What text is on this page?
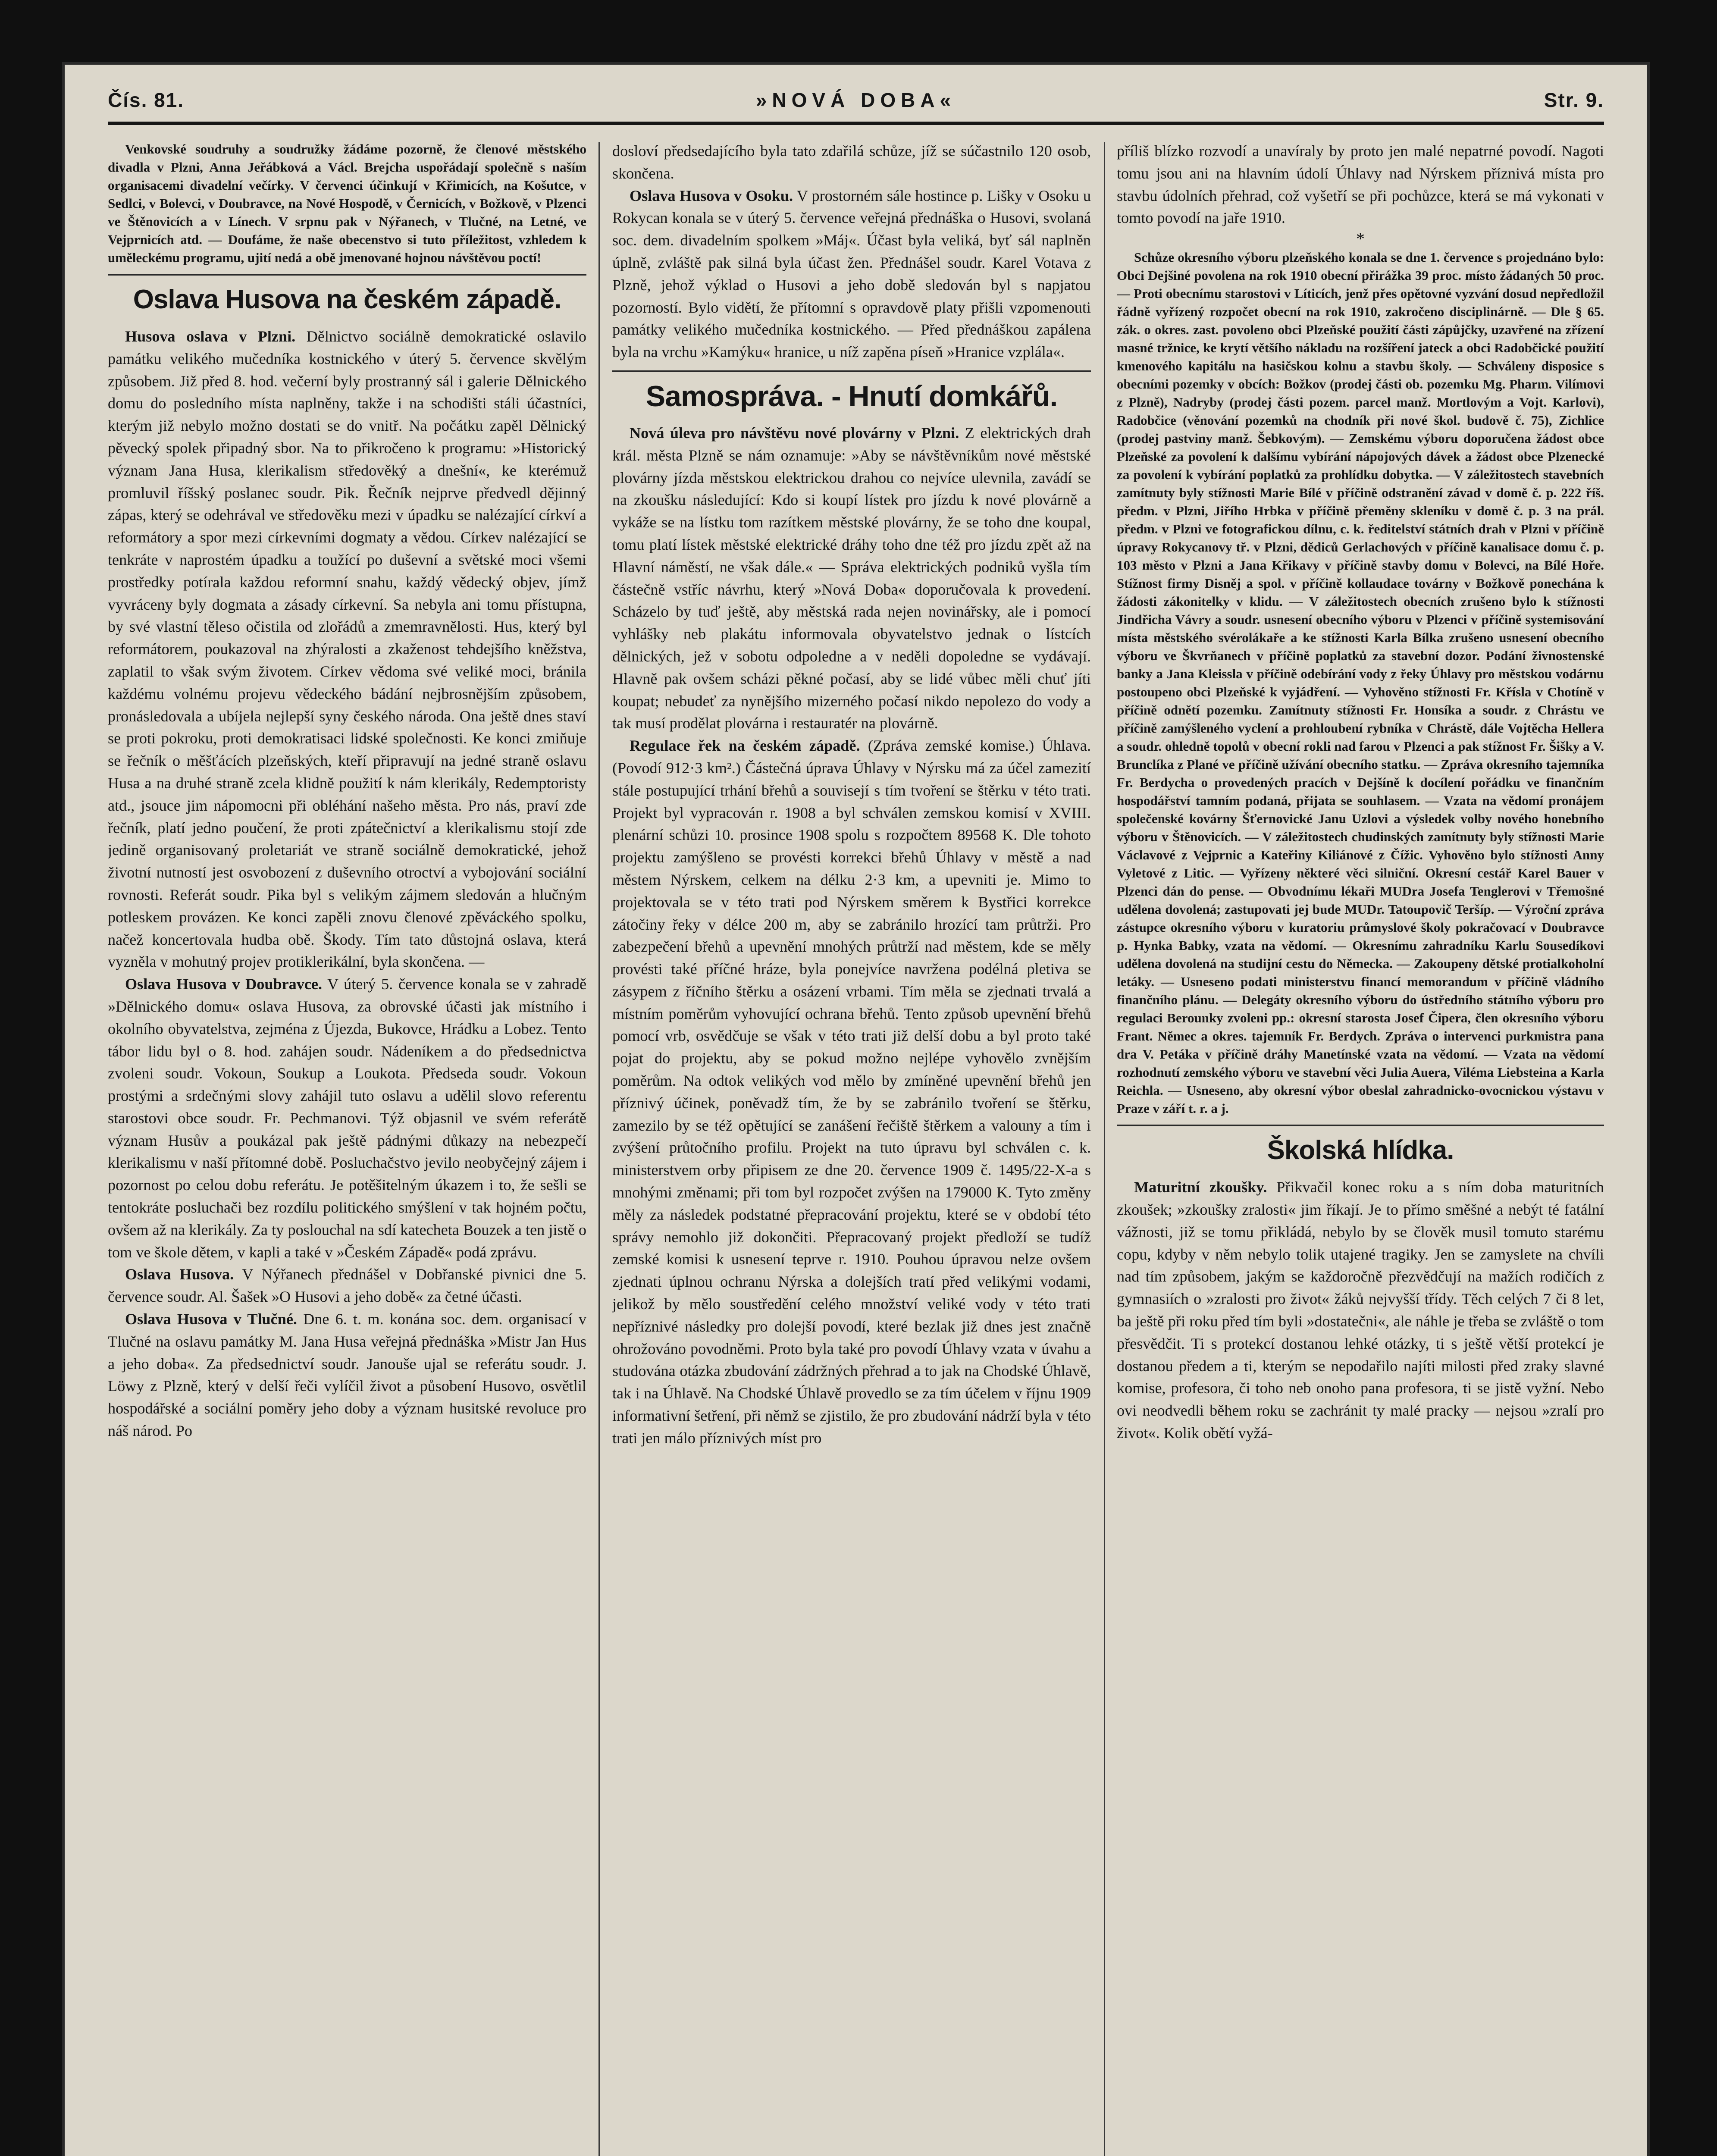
Čís. 81.	»NOVÁ DOBA«	Str. 9.

Venkovské soudruhy a soudružky žádáme pozorně, že členové městského divadla v Plzni, Anna Jeřábková a Václ. Brejcha uspořádají společně s naším organisacemi divadelní večírky. V červenci účinkují v Křimicích, na Košutce, v Sedlci, v Bolevci, v Doubravce, na Nové Hospodě, v Černicích, v Božkově, v Plzenci ve Štěnovicích a v Línech. V srpnu pak v Nýřanech, v Tlučné, na Letné, ve Vejprnicích atd. — Doufáme, že naše obecenstvo si tuto příležitost, vzhledem k uměleckému programu, ujití nedá a obě jmenované hojnou návštěvou poctí!

Oslava Husova na českém západě.

Husova oslava v Plzni. Dělnictvo sociálně demokratické oslavilo památku velikého mučedníka kostnického v úterý 5. července skvělým způsobem. Již před 8. hod. večerní byly prostranný sál i galerie Dělnického domu do posledního místa naplněny, takže i na schodišti stáli účastníci, kterým již nebylo možno dostati se do vnitř. Na počátku zapěl Dělnický pěvecký spolek připadný sbor. Na to přikročeno k programu: »Historický význam Jana Husa, klerikalism středověký a dnešní«, ke kterémuž promluvil říšský poslanec soudr. Pik. Řečník nejprve předvedl dějinný zápas, který se odehrával ve středověku mezi v úpadku se nalézající církví a reformátory a spor mezi církevními dogmaty a vědou. Církev nalézající se tenkráte v naprostém úpadku a toužící po duševní a světské moci všemi prostředky potírala každou reformní snahu, každý vědecký objev, jímž vyvráceny byly dogmata a zásady církevní. Sa nebyla ani tomu přístupna, by své vlastní těleso očistila od zlořádů a zmemravnělosti. Hus, který byl reformátorem, poukazoval na zhýralosti a zkaženost tehdejšího kněžstva, zaplatil to však svým životem. Církev vědoma své veliké moci, bránila každému volnému projevu vědeckého bádání nejbrosnějším způsobem, pronásledovala a ubíjela nejlepší syny českého národa. Ona ještě dnes staví se proti pokroku, proti demokratisaci lidské společnosti. Ke konci zmiňuje se řečník o měšťácích plzeňských, kteří připravují na jedné straně oslavu Husa a na druhé straně zcela klidně použití k nám klerikály, Redemptoristy atd., jsouce jim nápomocni při obléhání našeho města. Pro nás, praví zde řečník, platí jedno poučení, že proti zpátečnictví a klerikalismu stojí zde jedině organisovaný proletariát ve straně sociálně demokratické, jehož životní nutností jest osvobození z duševního otroctví a vybojování sociální rovnosti. Referát soudr. Pika byl s velikým zájmem sledován a hlučným potleskem provázen. Ke konci zapěli znovu členové zpěváckého spolku, načež koncertovala hudba obě. Škody. Tím tato důstojná oslava, která vyzněla v mohutný projev protiklerikální, byla skončena. —

Oslava Husova v Doubravce. V úterý 5. července konala se v zahradě »Dělnického domu« oslava Husova, za obrovské účasti jak místního i okolního obyvatelstva, zejména z Újezda, Bukovce, Hrádku a Lobez. Tento tábor lidu byl o 8. hod. zahájen soudr. Nádeníkem a do předsednictva zvoleni soudr. Vokoun, Soukup a Loukota. Předseda soudr. Vokoun prostými a srdečnými slovy zahájil tuto oslavu a udělil slovo referentu starostovi obce soudr. Fr. Pechmanovi. Týž objasnil ve svém referátě význam Husův a poukázal pak ještě pádnými důkazy na nebezpečí klerikalismu v naší přítomné době. Posluchačstvo jevilo neobyčejný zájem i pozornost po celou dobu referátu. Je potěšitelným úkazem i to, že sešli se tentokráte posluchači bez rozdílu politického smýšlení v tak hojném počtu, ovšem až na klerikály. Za ty poslouchal na sdí katecheta Bouzek a ten jistě o tom ve škole dětem, v kapli a také v »Českém Západě« podá zprávu.

Oslava Husova. V Nýřanech přednášel v Dobřanské pivnici dne 5. července soudr. Al. Šašek »O Husovi a jeho době« za četné účasti.

Oslava Husova v Tlučné. Dne 6. t. m. konána soc. dem. organisací v Tlučné na oslavu památky M. Jana Husa veřejná přednáška »Mistr Jan Hus a jeho doba«. Za předsednictví soudr. Janouše ujal se referátu soudr. J. Löwy z Plzně, který v delší řeči vylíčil život a působení Husovo, osvětlil hospodářské a sociální poměry jeho doby a význam husitské revoluce pro náš národ. Po

dosloví předsedajícího byla tato zdařilá schůze, jíž se súčastnilo 120 osob, skončena.

Oslava Husova v Osoku. V prostorném sále hostince p. Lišky v Osoku u Rokycan konala se v úterý 5. července veřejná přednáška o Husovi, svolaná soc. dem. divadelním spolkem »Máj«. Účast byla veliká, byť sál naplněn úplně, zvláště pak silná byla účast žen. Přednášel soudr. Karel Votava z Plzně, jehož výklad o Husovi a jeho době sledován byl s napjatou pozorností. Bylo vidětí, že přítomní s opravdově platy přišli vzpomenouti památky velikého mučedníka kostnického. — Před přednáškou zapálena byla na vrchu »Kamýku« hranice, u níž zapěna píseň »Hranice vzplála«.

Samospráva. - Hnutí domkářů.

Nová úleva pro návštěvu nové plovárny v Plzni. Z elektrických drah král. města Plzně se nám oznamuje: »Aby se návštěvníkům nové městské plovárny jízda městskou elektrickou drahou co nejvíce ulevnila, zavádí se na zkoušku následující: Kdo si koupí lístek pro jízdu k nové plovárně a vykáže se na lístku tom razítkem městské plovárny, že se toho dne koupal, tomu platí lístek městské elektrické dráhy toho dne též pro jízdu zpět až na Hlavní náměstí, ne však dále.« — Správa elektrických podniků vyšla tím částečně vstříc návrhu, který »Nová Doba« doporučovala k provedení. Scházelo by tuď ještě, aby městská rada nejen novinářsky, ale i pomocí vyhlášky neb plakátu informovala obyvatelstvo jednak o lístcích dělnických, jež v sobotu odpoledne a v neděli dopoledne se vydávají. Hlavně pak ovšem scházi pěkné počasí, aby se lidé vůbec měli chuť jíti koupat; nebudeť za nynějšího mizerného počasí nikdo nepolezo do vody a tak musí prodělat plovárna i restauratér na plovárně.

Regulace řek na českém západě. (Zpráva zemské komise.) Úhlava. (Povodí 912·3 km².) Částečná úprava Úhlavy v Nýrsku má za účel zamezití stále postupující trhání břehů a souvisejí s tím tvoření se štěrku v této trati. Projekt byl vypracován r. 1908 a byl schválen zemskou komisí v XVIII. plenární schůzi 10. prosince 1908 spolu s rozpočtem 89568 K. Dle tohoto projektu zamýšleno se provésti korrekci břehů Úhlavy v městě a nad městem Nýrskem, celkem na délku 2·3 km, a upevniti je. Mimo to projektovala se v této trati pod Nýrskem směrem k Bystřici korrekce zátočiny řeky v délce 200 m, aby se zabránilo hrozící tam průtrži. Pro zabezpečení břehů a upevnění mnohých průtrží nad městem, kde se měly provésti také příčné hráze, byla ponejvíce navržena podélná pletiva se zásypem z říčního štěrku a osázení vrbami. Tím měla se zjednati trvalá a místním poměrům vyhovující ochrana břehů. Tento způsob upevnění břehů pomocí vrb, osvědčuje se však v této trati již delší dobu a byl proto také pojat do projektu, aby se pokud možno nejlépe vyhovělo zvnějším poměrům. Na odtok velikých vod mělo by zmíněné upevnění břehů jen příznivý účinek, poněvadž tím, že by se zabránilo tvoření se štěrku, zamezilo by se též opětující se zanášení řečiště štěrkem a valouny a tím i zvýšení průtočního profilu. Projekt na tuto úpravu byl schválen c. k. ministerstvem orby připisem ze dne 20. července 1909 č. 1495/22-X-a s mnohými změnami; při tom byl rozpočet zvýšen na 179000 K. Tyto změny měly za následek podstatné přepracování projektu, které se v období této správy nemohlo již dokončiti. Přepracovaný projekt předloží se tudíž zemské komisi k usnesení teprve r. 1910. Pouhou úpravou nelze ovšem zjednati úplnou ochranu Nýrska a dolejších tratí před velikými vodami, jelikož by mělo soustředění celého množství veliké vody v této trati nepříznivé následky pro dolejší povodí, které bezlak již dnes jest značně ohrožováno povodněmi. Proto byla také pro povodí Úhlavy vzata v úvahu a studována otázka zbudování zádržných přehrad a to jak na Chodské Úhlavě, tak i na Úhlavě. Na Chodské Úhlavě provedlo se za tím účelem v říjnu 1909 informativní šetření, při němž se zjistilo, že pro zbudování nádrží byla v této trati jen málo příznivých míst pro

příliš blízko rozvodí a unavíraly by proto jen malé nepatrné povodí. Nagoti tomu jsou ani na hlavním údolí Úhlavy nad Nýrskem příznivá místa pro stavbu údolních přehrad, což vyšetří se při pochůzce, která se má vykonati v tomto povodí na jaře 1910.

*

Schůze okresního výboru plzeňského konala se dne 1. července s projednáno bylo: Obci Dejšiné povolena na rok 1910 obecní přirážka 39 proc. místo žádaných 50 proc. — Proti obecnímu starostovi v Líticích, jenž přes opětovné vyzvání dosud nepředložil řádně vyřízený rozpočet obecní na rok 1910, zakročeno disciplinárně. — Dle § 65. zák. o okres. zast. povoleno obci Plzeňské použití části zápůjčky, uzavřené na zřízení masné tržnice, ke krytí většího nákladu na rozšíření jateck a obci Radobčické použití kmenového kapitálu na hasičskou kolnu a stavbu školy. — Schváleny disposice s obecními pozemky v obcích: Božkov (prodej části ob. pozemku Mg. Pharm. Vilímovi z Plzně), Nadryby (prodej části pozem. parcel manž. Mortlovým a Vojt. Karlovi), Radobčice (věnování pozemků na chodník při nové škol. budově č. 75), Zichlice (prodej pastviny manž. Šebkovým). — Zemskému výboru doporučena žádost obce Plzeňské za povolení k dalšímu vybírání nápojových dávek a žádost obce Plzenecké za povolení k vybírání poplatků za prohlídku dobytka. — V záležitostech stavebních zamítnuty byly stížnosti Marie Bílé v příčině odstranění závad v domě č. p. 222 říš. předm. v Plzni, Jiřího Hrbka v příčině přeměny skleníku v domě č. p. 3 na prál. předm. v Plzni ve fotografickou dílnu, c. k. ředitelství státních drah v Plzni v příčině úpravy Rokycanovy tř. v Plzni, dědiců Gerlachových v příčině kanalisace domu č. p. 103 město v Plzni a Jana Křikavy v příčině stavby domu v Bolevci, na Bílé Hoře. Stížnost firmy Disněj a spol. v příčině kollaudace továrny v Božkově ponechána k žádosti zákonitelky v klidu. — V záležitostech obecních zrušeno bylo k stížnosti Jindřicha Vávry a soudr. usnesení obecního výboru v Plzenci v příčině systemisování místa městského svérolákaře a ke stížnosti Karla Bílka zrušeno usnesení obecního výboru ve Škvrňanech v příčině poplatků za stavební dozor. Podání živnostenské banky a Jana Kleissla v příčině odebírání vody z řeky Úhlavy pro městskou vodárnu postoupeno obci Plzeňské k vyjádření. — Vyhověno stížnosti Fr. Křísla v Chotíně v příčině odnětí pozemku. Zamítnuty stížnosti Fr. Honsíka a soudr. z Chrástu ve příčině zamýšleného vyclení a prohloubení rybníka v Chrástě, dále Vojtěcha Hellera a soudr. ohledně topolů v obecní rokli nad farou v Plzenci a pak stížnost Fr. Šišky a V. Brunclíka z Plané ve příčině užívání obecního statku. — Zpráva okresního tajemníka Fr. Berdycha o provedených pracích v Dejšíně k docílení pořádku ve finančním hospodářství tamním podaná, přijata se souhlasem. — Vzata na vědomí pronájem společenské kovárny Šťernovické Janu Uzlovi a výsledek volby nového honebního výboru v Štěnovicích. — V záležitostech chudinských zamítnuty byly stížnosti Marie Václavové z Vejprnic a Kateřiny Kiliánové z Čížic. Vyhověno bylo stížnosti Anny Vyletové z Litic. — Vyřízeny některé věci silniční. Okresní cestář Karel Bauer v Plzenci dán do pense. — Obvodnímu lékaři MUDra Josefa Tenglerovi v Třemošné udělena dovolená; zastupovati jej bude MUDr. Tatoupovič Teršíp. — Výroční zpráva zástupce okresního výboru v kuratoriu průmyslové školy pokračovací v Doubravce p. Hynka Babky, vzata na vědomí. — Okresnímu zahradníku Karlu Sousedíkovi udělena dovolená na studijní cestu do Německa. — Zakoupeny dětské protialkoholní letáky. — Usneseno podati ministerstvu financí memorandum v příčině vládního finančního plánu. — Delegáty okresního výboru do ústředního státního výboru pro regulaci Berounky zvoleni pp.: okresní starosta Josef Čipera, člen okresního výboru Frant. Němec a okres. tajemník Fr. Berdych. Zpráva o intervenci purkmistra pana dra V. Petáka v příčině dráhy Manetínské vzata na vědomí. — Vzata na vědomí rozhodnutí zemského výboru ve stavební věci Julia Auera, Viléma Liebsteina a Karla Reichla. — Usneseno, aby okresní výbor obeslal zahradnicko-ovocnickou výstavu v Praze v září t. r. a j.

Školská hlídka.

Maturitní zkoušky. Přikvačil konec roku a s ním doba maturitních zkoušek; »zkoušky zralosti« jim říkají. Je to přímo směšné a nebýt té fatální vážnosti, již se tomu přikládá, nebylo by se člověk musil tomuto starému copu, kdyby v něm nebylo tolik utajené tragiky. Jen se zamyslete na chvíli nad tím způsobem, jakým se každoročně přezvědčují na mažích rodičích z gymnasiích o »zralosti pro život« žáků nejvyšší třídy. Těch celých 7 či 8 let, ba ještě při roku před tím byli »dostatečni«, ale náhle je třeba se zvláště o tom přesvědčit. Ti s protekcí dostanou lehké otázky, ti s ještě větší protekcí je dostanou předem a ti, kterým se nepodařilo najíti milosti před zraky slavné komise, profesora, či toho neb onoho pana profesora, ti se jistě vyžní. Nebo ovi neodvedli během roku se zachránit ty malé pracky — nejsou »zralí pro život«. Kolik obětí vyžá-
